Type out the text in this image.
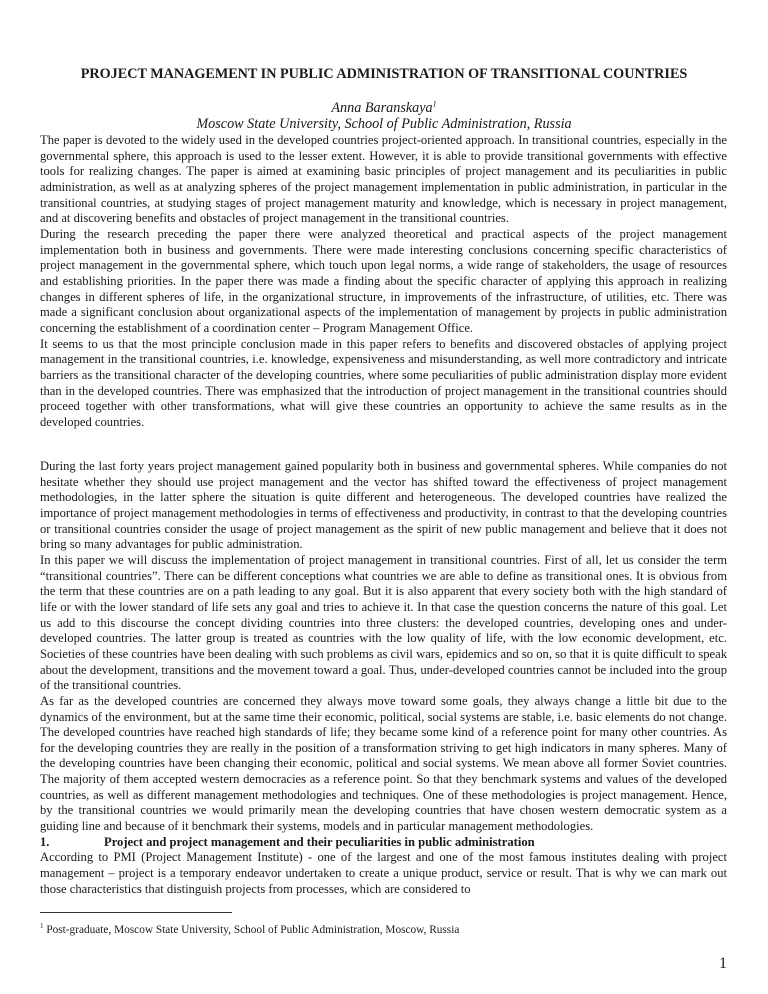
PROJECT MANAGEMENT IN PUBLIC ADMINISTRATION OF TRANSITIONAL COUNTRIES

Anna Baranskaya$^1$

Moscow State University, School of Public Administration, Russia

The paper is devoted to the widely used in the developed countries project-oriented approach. In transitional countries, especially in the governmental sphere, this approach is used to the lesser extent. However, it is able to provide transitional governments with effective tools for realizing changes. The paper is aimed at examining basic principles of project management and its peculiarities in public administration, as well as at analyzing spheres of the project management implementation in public administration, in particular in the transitional countries, at studying stages of project management maturity and knowledge, which is necessary in project management, and at discovering benefits and obstacles of project management in the transitional countries.

During the research preceding the paper there were analyzed theoretical and practical aspects of the project management implementation both in business and governments. There were made interesting conclusions concerning specific characteristics of project management in the governmental sphere, which touch upon legal norms, a wide range of stakeholders, the usage of resources and establishing priorities. In the paper there was made a finding about the specific character of applying this approach in realizing changes in different spheres of life, in the organizational structure, in improvements of the infrastructure, of utilities, etc. There was made a significant conclusion about organizational aspects of the implementation of management by projects in public administration concerning the establishment of a coordination center – Program Management Office.

It seems to us that the most principle conclusion made in this paper refers to benefits and discovered obstacles of applying project management in the transitional countries, i.e. knowledge, expensiveness and misunderstanding, as well more contradictory and intricate barriers as the transitional character of the developing countries, where some peculiarities of public administration display more evident than in the developed countries. There was emphasized that the introduction of project management in the transitional countries should proceed together with other transformations, what will give these countries an opportunity to achieve the same results as in the developed countries.

During the last forty years project management gained popularity both in business and governmental spheres. While companies do not hesitate whether they should use project management and the vector has shifted toward the effectiveness of project management methodologies, in the latter sphere the situation is quite different and heterogeneous. The developed countries have realized the importance of project management methodologies in terms of effectiveness and productivity, in contrast to that the developing countries or transitional countries consider the usage of project management as the spirit of new public management and believe that it does not bring so many advantages for public administration.

In this paper we will discuss the implementation of project management in transitional countries. First of all, let us consider the term “transitional countries”. There can be different conceptions what countries we are able to define as transitional ones. It is obvious from the term that these countries are on a path leading to any goal. But it is also apparent that every society both with the high standard of life or with the lower standard of life sets any goal and tries to achieve it. In that case the question concerns the nature of this goal. Let us add to this discourse the concept dividing countries into three clusters: the developed countries, developing ones and under-developed countries. The latter group is treated as countries with the low quality of life, with the low economic development, etc. Societies of these countries have been dealing with such problems as civil wars, epidemics and so on, so that it is quite difficult to speak about the development, transitions and the movement toward a goal. Thus, under-developed countries cannot be included into the group of the transitional countries.

As far as the developed countries are concerned they always move toward some goals, they always change a little bit due to the dynamics of the environment, but at the same time their economic, political, social systems are stable, i.e. basic elements do not change. The developed countries have reached high standards of life; they became some kind of a reference point for many other countries. As for the developing countries they are really in the position of a transformation striving to get high indicators in many spheres. Many of the developing countries have been changing their economic, political and social systems. We mean above all former Soviet countries. The majority of them accepted western democracies as a reference point. So that they benchmark systems and values of the developed countries, as well as different management methodologies and techniques. One of these methodologies is project management. Hence, by the transitional countries we would primarily mean the developing countries that have chosen western democratic system as a guiding line and because of it benchmark their systems, models and in particular management methodologies.

1.	Project and project management and their peculiarities in public administration

According to PMI (Project Management Institute) - one of the largest and one of the most famous institutes dealing with project management – project is a temporary endeavor undertaken to create a unique product, service or result. That is why we can mark out those characteristics that distinguish projects from processes, which are considered to

$^1$ Post-graduate, Moscow State University, School of Public Administration, Moscow, Russia

1
